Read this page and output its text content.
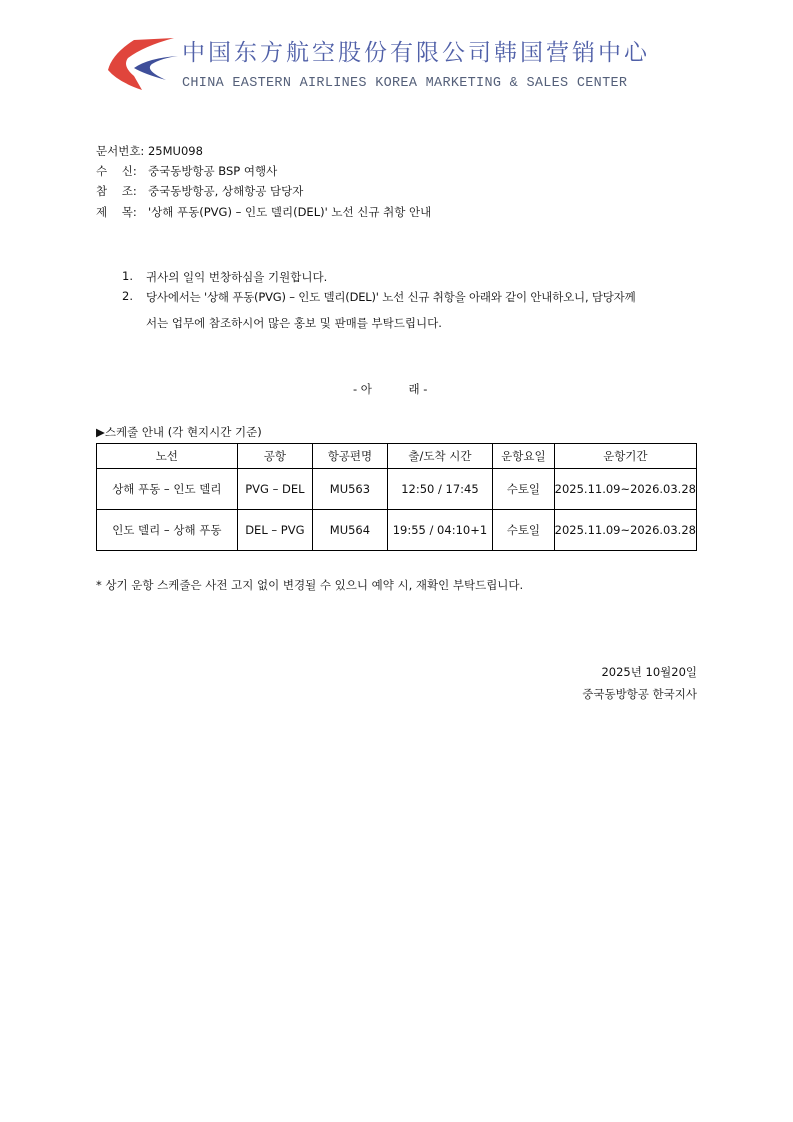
中国东方航空股份有限公司韩国营销中心
CHINA EASTERN AIRLINES KOREA MARKETING & SALES CENTER
문서번호: 25MU098
수    신: 중국동방항공 BSP 여행사
참    조: 중국동방항공, 상해항공 담당자
제    목: '상해 푸동(PVG) – 인도 델리(DEL)' 노선 신규 취항 안내
1. 귀사의 일익 번창하심을 기원합니다.
2. 당사에서는 '상해 푸동(PVG) – 인도 델리(DEL)' 노선 신규 취항을 아래와 같이 안내하오니, 담당자께
서는 업무에 참조하시어 많은 홍보 및 판매를 부탁드립니다.
- 아          래 -
▶스케줄 안내 (각 현지시간 기준)
노선	공항	항공편명	출/도착 시간	운항요일	운항기간
상해 푸동 – 인도 델리	PVG – DEL	MU563	12:50 / 17:45	수토일	2025.11.09~2026.03.28
인도 델리 – 상해 푸동	DEL – PVG	MU564	19:55 / 04:10+1	수토일	2025.11.09~2026.03.28
* 상기 운항 스케줄은 사전 고지 없이 변경될 수 있으니 예약 시, 재확인 부탁드립니다.
2025년 10월20일
중국동방항공 한국지사
